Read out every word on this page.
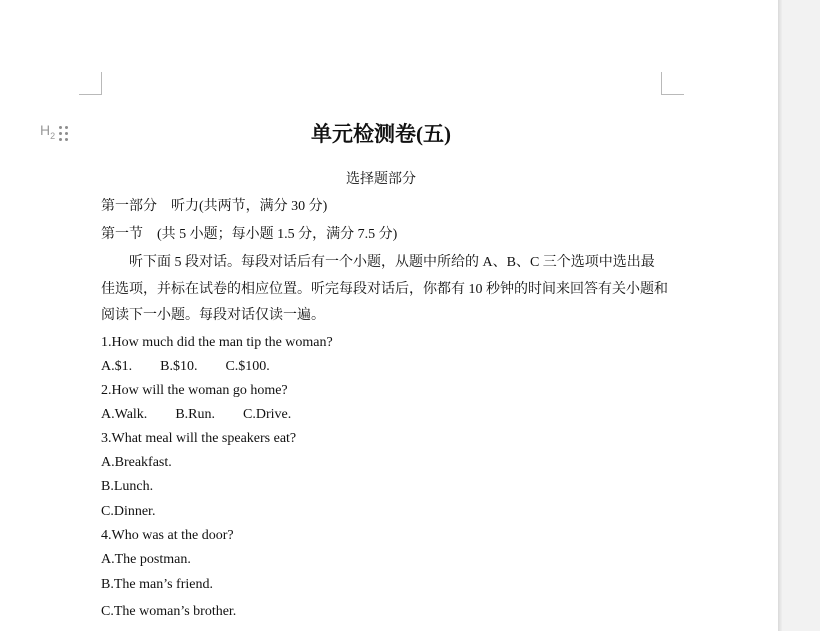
$H_2$	单元检测卷(五)
选择题部分
第一部分　听力(共两节，满分 30 分)
第一节　(共 5 小题；每小题 1.5 分，满分 7.5 分)
　　听下面 5 段对话。每段对话后有一个小题，从题中所给的 A、B、C 三个选项中选出最
佳选项，并标在试卷的相应位置。听完每段对话后，你都有 10 秒钟的时间来回答有关小题和
阅读下一小题。每段对话仅读一遍。
1.How much did the man tip the woman?
A.$1. B.$10. C.$100.
2.How will the woman go home?
A.Walk. B.Run. C.Drive.
3.What meal will the speakers eat?
A.Breakfast.
B.Lunch.
C.Dinner.
4.Who was at the door?
A.The postman.
B.The man’s friend.
C.The woman’s brother.
